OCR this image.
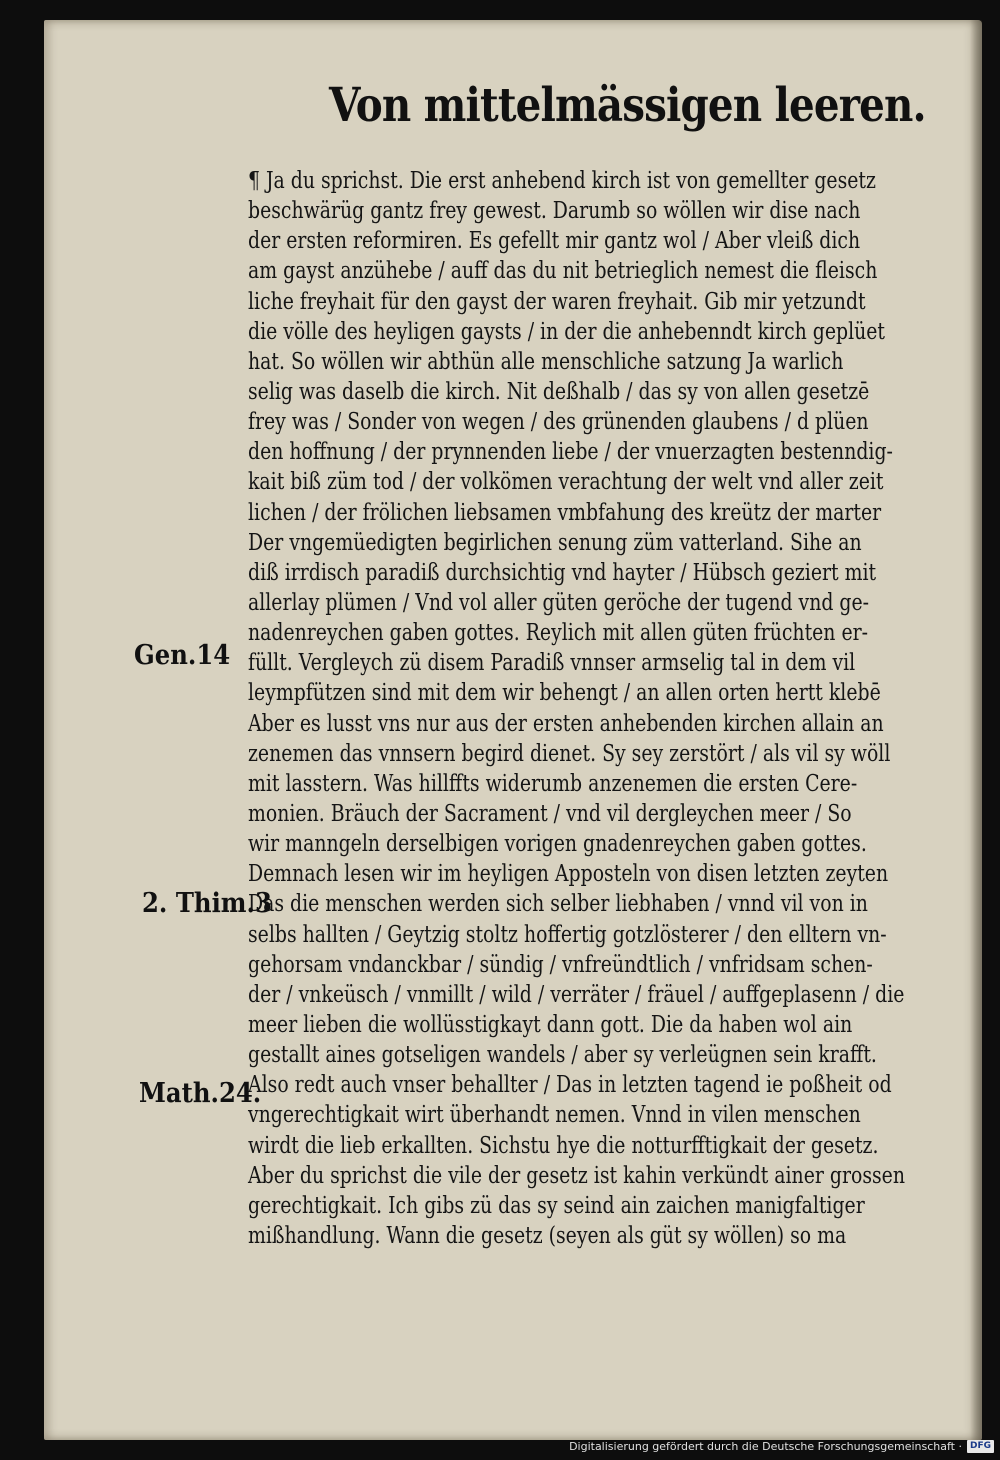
Von mittelmässigen leeren.
¶ Ja du sprichst. Die erst anhebend kirch ist von gemellter gesetz
beschwärüg gantz frey gewest. Darumb so wöllen wir dise nach
der ersten reformiren. Es gefellt mir gantz wol / Aber vleiß dich
am gayst anzühebe / auff das du nit betrieglich nemest die fleisch
liche freyhait für den gayst der waren freyhait. Gib mir yetzundt
die völle des heyligen gaysts / in der die anhebenndt kirch geplüet
hat. So wöllen wir abthün alle menschliche satzung Ja warlich
selig was daselb die kirch. Nit deßhalb / das sy von allen gesetzē
frey was / Sonder von wegen / des grünenden glaubens / d plüen
den hoffnung / der prynnenden liebe / der vnuerzagten bestenndig-
kait biß züm tod / der volkömen verachtung der welt vnd aller zeit
lichen / der frölichen liebsamen vmbfahung des kreütz der marter
Der vngemüedigten begirlichen senung züm vatterland. Sihe an
diß irrdisch paradiß durchsichtig vnd hayter / Hübsch geziert mit
allerlay plümen / Vnd vol aller güten geröche der tugend vnd ge-
nadenreychen gaben gottes. Reylich mit allen güten früchten er-
füllt. Vergleych zü disem Paradiß vnnser armselig tal in dem vil
leympfützen sind mit dem wir behengt / an allen orten hertt klebē
Aber es lusst vns nur aus der ersten anhebenden kirchen allain an
zenemen das vnnsern begird dienet. Sy sey zerstört / als vil sy wöll
mit lasstern. Was hillffts widerumb anzenemen die ersten Cere-
monien. Bräuch der Sacrament / vnd vil dergleychen meer / So
wir manngeln derselbigen vorigen gnadenreychen gaben gottes.
Demnach lesen wir im heyligen Apposteln von disen letzten zeyten
Das die menschen werden sich selber liebhaben / vnnd vil von in
selbs hallten / Geytzig stoltz hoffertig gotzlösterer / den elltern vn-
gehorsam vndanckbar / sündig / vnfreündtlich / vnfridsam schen-
der / vnkeüsch / vnmillt / wild / verräter / fräuel / auffgeplasenn / die
meer lieben die wollüsstigkayt dann gott. Die da haben wol ain
gestallt aines gotseligen wandels / aber sy verleügnen sein krafft.
Also redt auch vnser behallter / Das in letzten tagend ie poßheit od
vngerechtigkait wirt überhandt nemen. Vnnd in vilen menschen
wirdt die lieb erkallten. Sichstu hye die notturfftigkait der gesetz.
Aber du sprichst die vile der gesetz ist kahin verkündt ainer grossen
gerechtigkait. Ich gibs zü das sy seind ain zaichen manigfaltiger
mißhandlung. Wann die gesetz (seyen als güt sy wöllen) so ma
Gen.14
2. Thim.3
Math.24.
Digitalisierung gefördert durch die Deutsche Forschungsgemeinschaft · DFG
